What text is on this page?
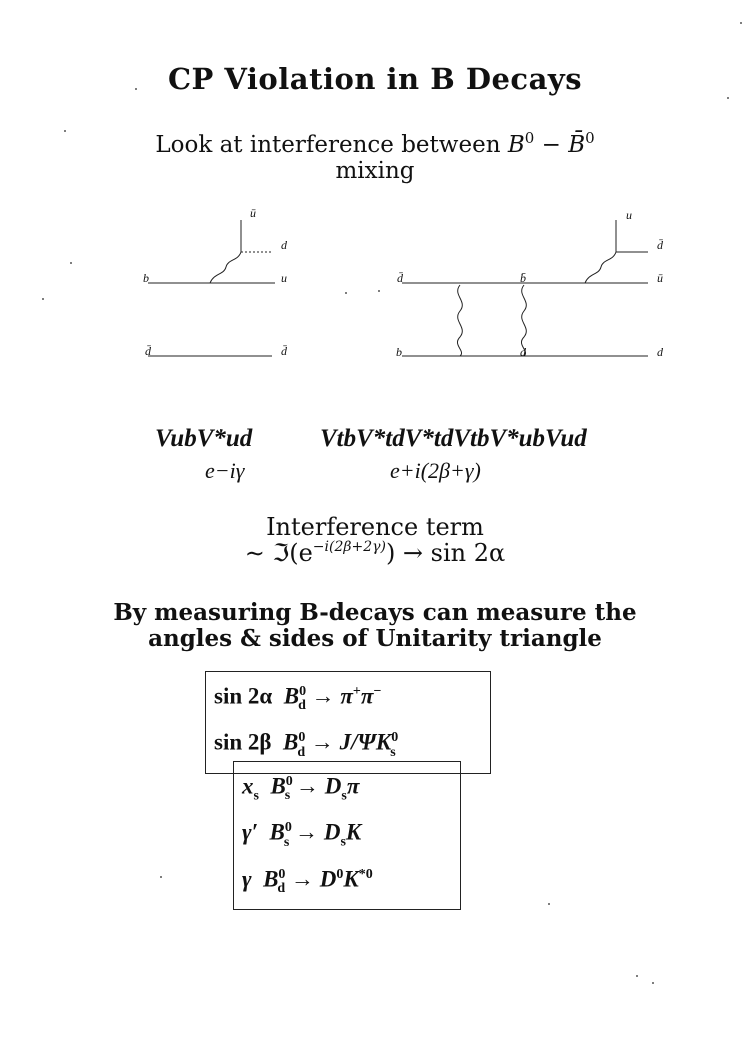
CP Violation in B Decays
Look at interference between $B^0$ − B̄$^0$
mixing
ū
d
b	u
d̄	d̄
u
d̄
d̄	b̄	ū
b	d	d
VubV*ud
e−iγ
VtbV*tdV*tdVtbV*ubVud
e+i(2β+γ)
Interference term
∼ $ℑ(e^{-i(2\beta+2\gamma)}) \to \sin 2\alpha$
By measuring B-decays can measure the
angles & sides of Unitarity triangle
sin 2α $B^0_d \to \pi^+\pi^-$
sin 2β $B^0_d \to J/\Psi K^0_s$
$x_s$ $B^0_s \to D_s\pi$
γ′ $B^0_s \to D_sK$
γ $B^0_d \to D^0K^{*0}$
